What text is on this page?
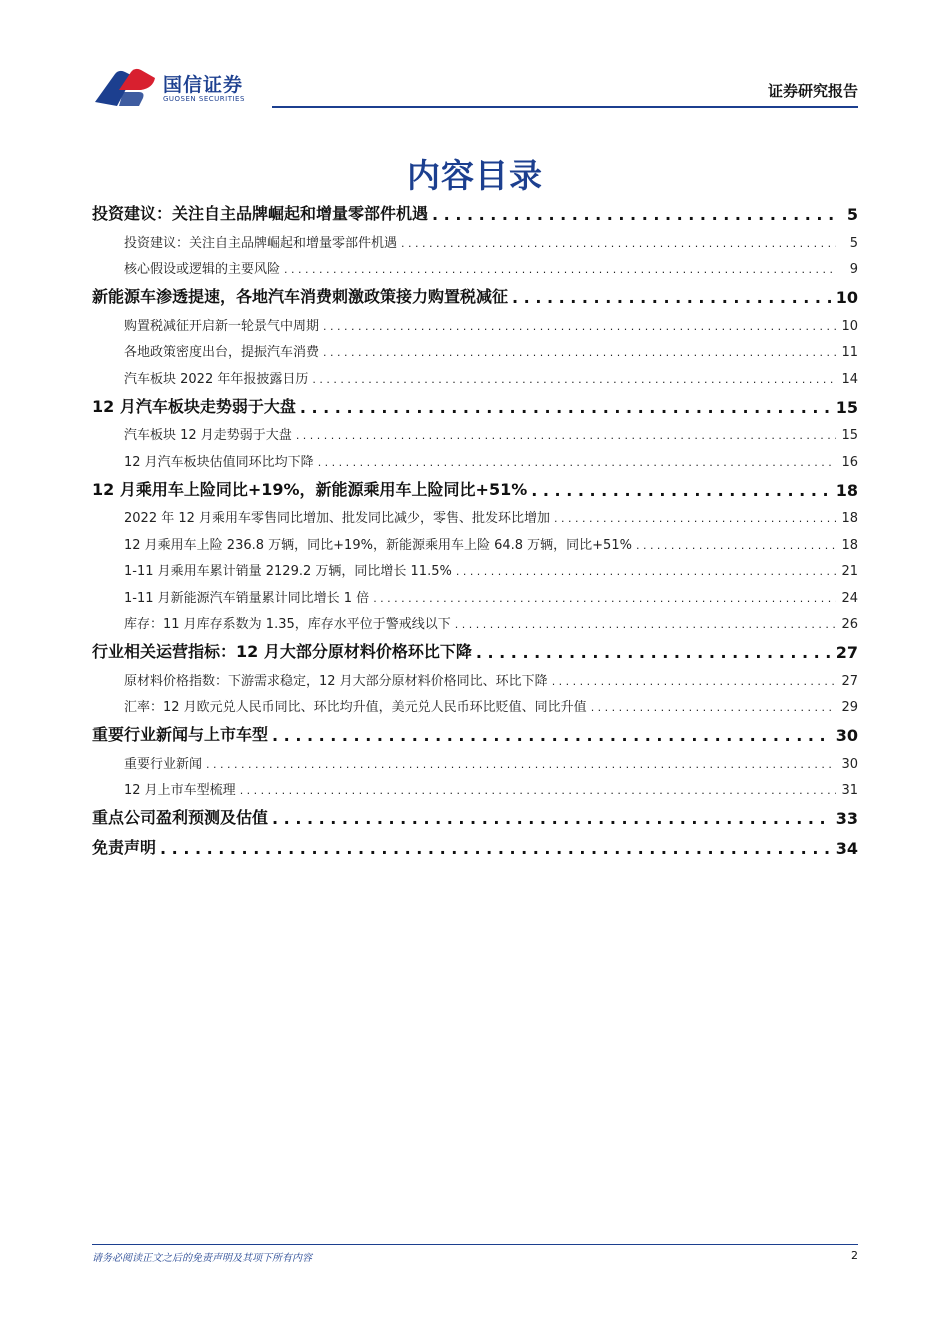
国信证券
GUOSEN SECURITIES	证券研究报告
内容目录
投资建议：关注自主品牌崛起和增量零部件机遇 . . .	5
投资建议：关注自主品牌崛起和增量零部件机遇 . . .	5
核心假设或逻辑的主要风险 . . .	9
新能源车渗透提速，各地汽车消费刺激政策接力购置税减征 . . .	10
购置税减征开启新一轮景气中周期 . . .	10
各地政策密度出台，提振汽车消费 . . .	11
汽车板块 2022 年年报披露日历 . . .	14
12 月汽车板块走势弱于大盘 . . .	15
汽车板块 12 月走势弱于大盘 . . .	15
12 月汽车板块估值同环比均下降 . . .	16
12 月乘用车上险同比+19%，新能源乘用车上险同比+51% . . .	18
2022 年 12 月乘用车零售同比增加、批发同比减少，零售、批发环比增加 . . .	18
12 月乘用车上险 236.8 万辆，同比+19%，新能源乘用车上险 64.8 万辆，同比+51% . . .	18
1-11 月乘用车累计销量 2129.2 万辆，同比增长 11.5% . . .	21
1-11 月新能源汽车销量累计同比增长 1 倍 . . .	24
库存：11 月库存系数为 1.35，库存水平位于警戒线以下 . . .	26
行业相关运营指标：12 月大部分原材料价格环比下降 . . .	27
原材料价格指数：下游需求稳定，12 月大部分原材料价格同比、环比下降 . . .	27
汇率：12 月欧元兑人民币同比、环比均升值，美元兑人民币环比贬值、同比升值 . . .	29
重要行业新闻与上市车型 . . .	30
重要行业新闻 . . .	30
12 月上市车型梳理 . . .	31
重点公司盈利预测及估值 . . .	33
免责声明 . . .	34
请务必阅读正文之后的免责声明及其项下所有内容	2
